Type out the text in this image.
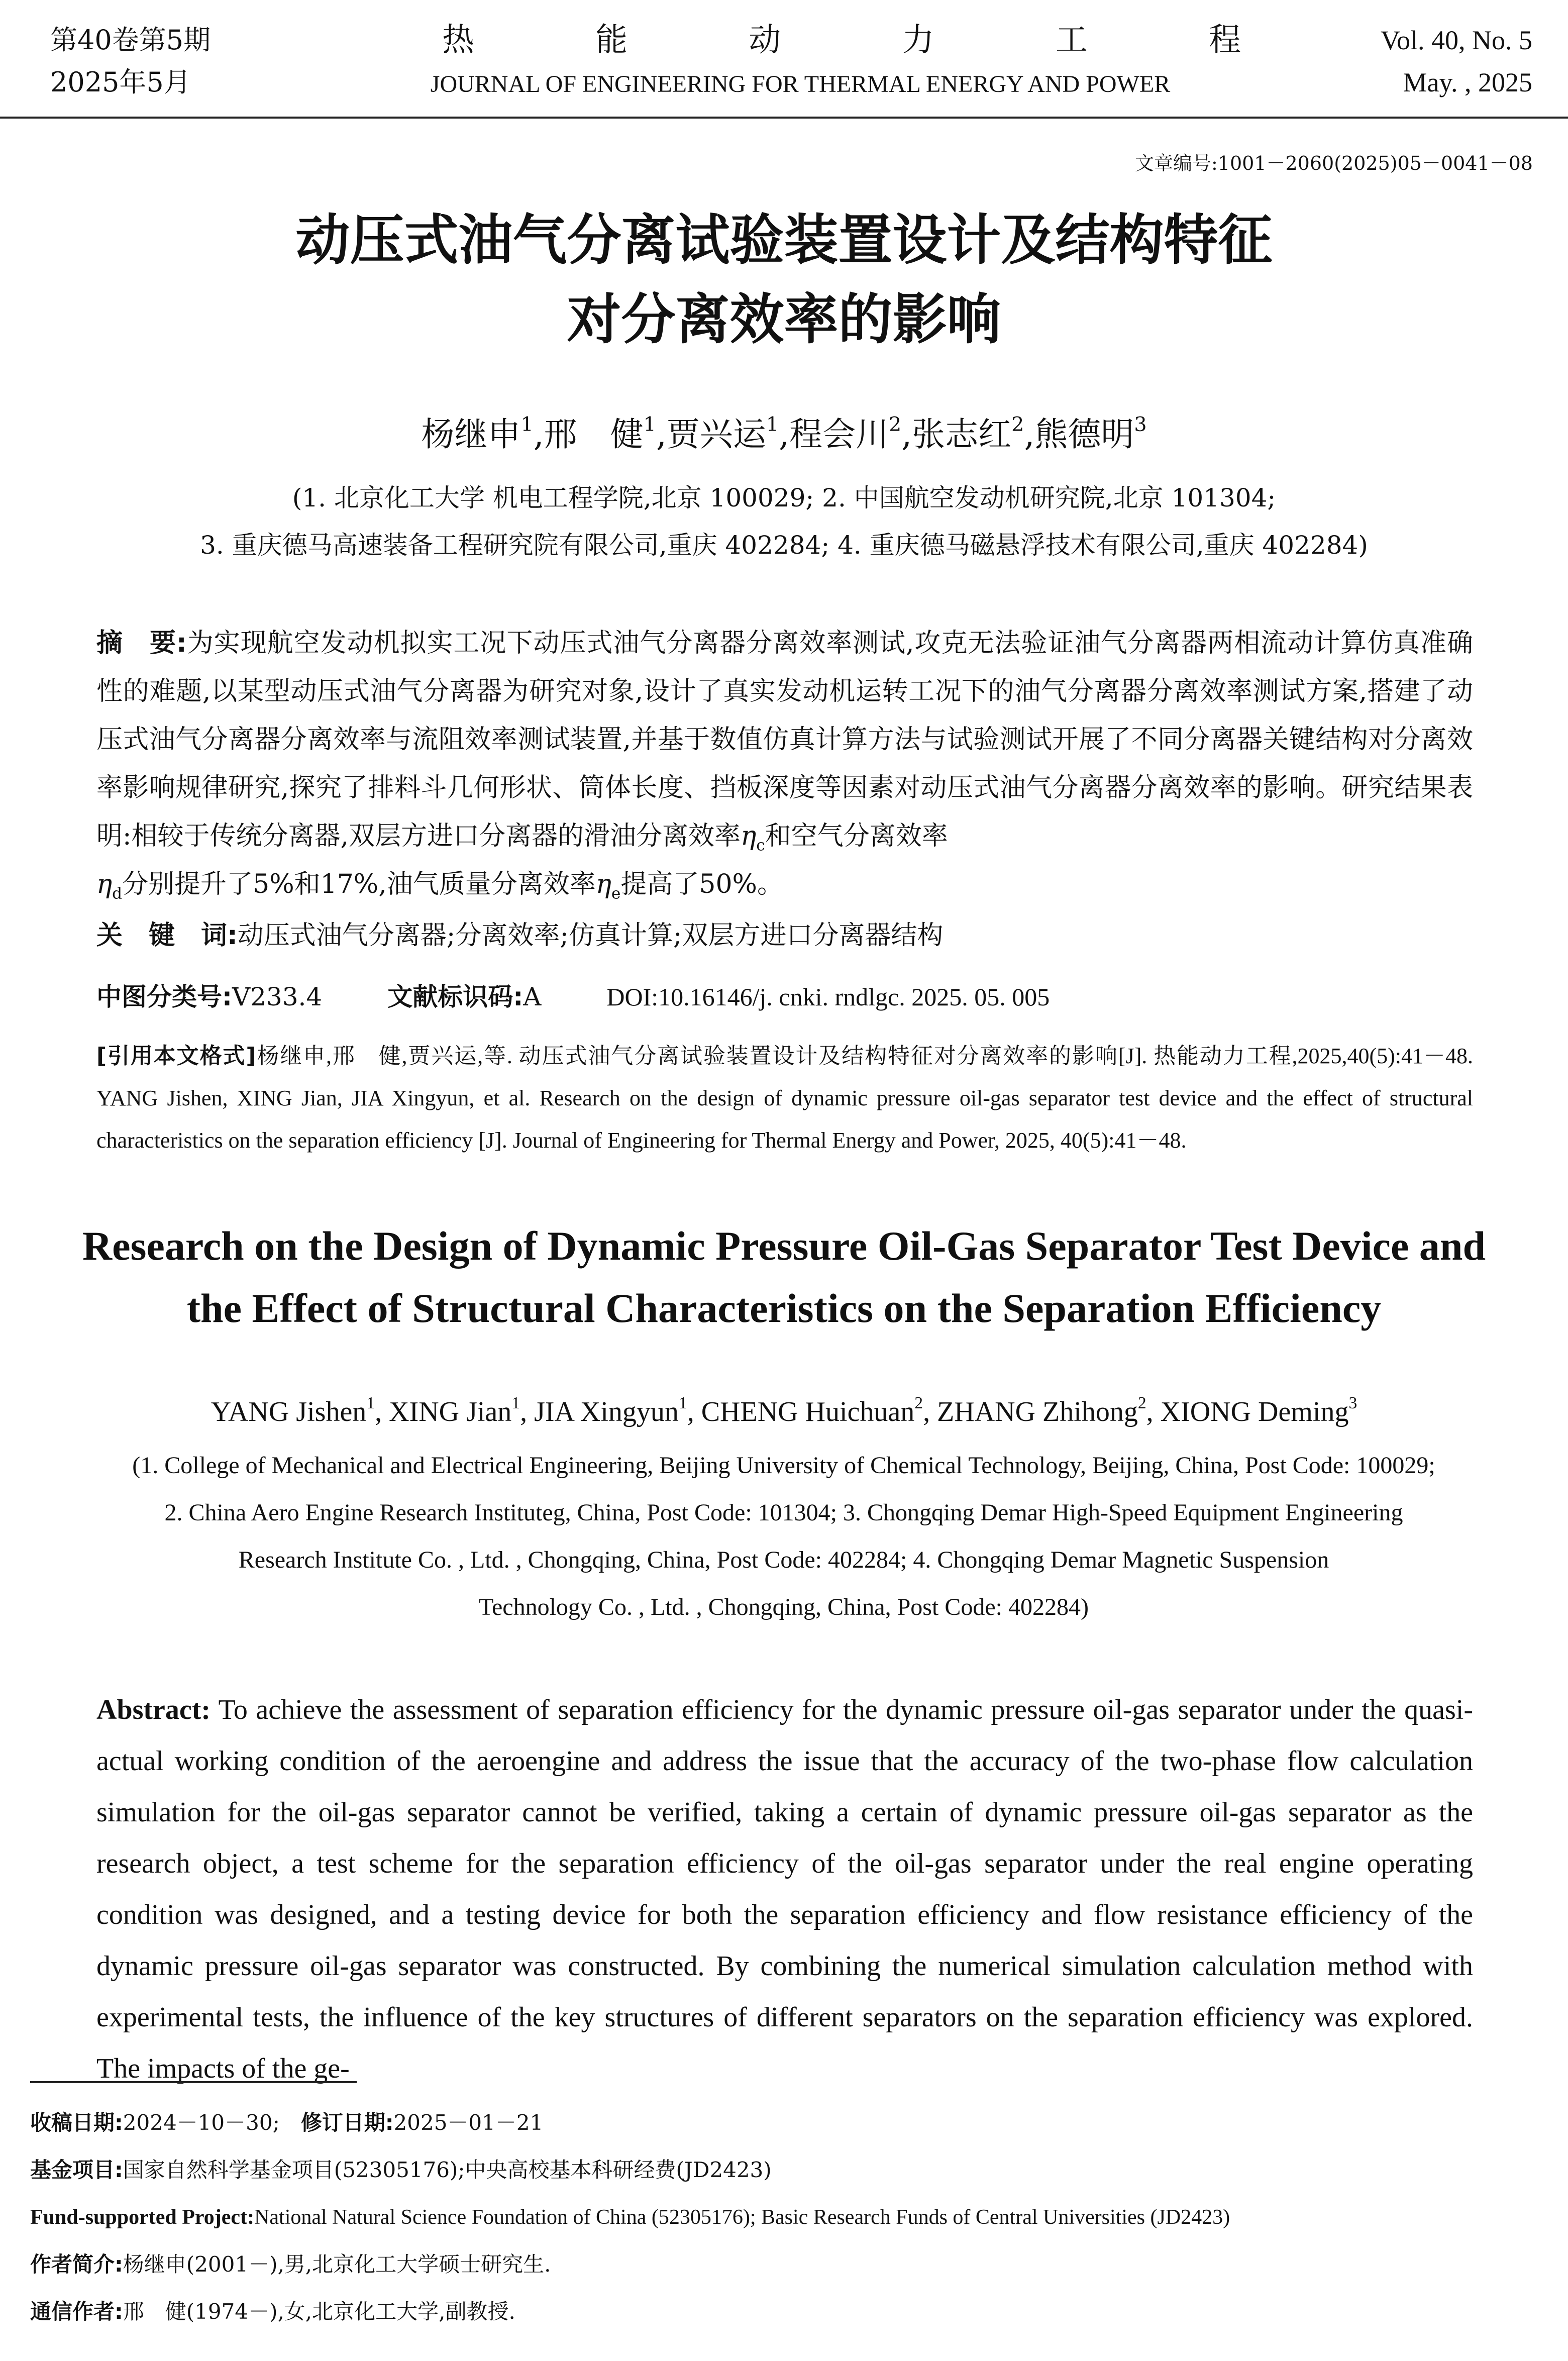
第40卷第5期
2025年5月
热	能	动	力	工	程
JOURNAL OF ENGINEERING FOR THERMAL ENERGY AND POWER
Vol. 40, No. 5
May. , 2025
文章编号:1001－2060(2025)05－0041－08
动压式油气分离试验装置设计及结构特征
对分离效率的影响
杨继申$^1$,邢　健$^1$,贾兴运$^1$,程会川$^2$,张志红$^2$,熊德明$^3$
(1. 北京化工大学 机电工程学院,北京 100029; 2. 中国航空发动机研究院,北京 101304;
3. 重庆德马高速装备工程研究院有限公司,重庆 402284; 4. 重庆德马磁悬浮技术有限公司,重庆 402284)
摘　要:为实现航空发动机拟实工况下动压式油气分离器分离效率测试,攻克无法验证油气分离器两相流动计算仿真准确性的难题,以某型动压式油气分离器为研究对象,设计了真实发动机运转工况下的油气分离器分离效率测试方案,搭建了动压式油气分离器分离效率与流阻效率测试装置,并基于数值仿真计算方法与试验测试开展了不同分离器关键结构对分离效率影响规律研究,探究了排料斗几何形状、筒体长度、挡板深度等因素对动压式油气分离器分离效率的影响。研究结果表明:相较于传统分离器,双层方进口分离器的滑油分离效率$\eta_c$和空气分离效率
$\eta_d$分别提升了5%和17%,油气质量分离效率$\eta_e$提高了50%。
关　键　词:动压式油气分离器;分离效率;仿真计算;双层方进口分离器结构
中图分类号:V233.4	文献标识码:A	DOI:10.16146/j. cnki. rndlgc. 2025. 05. 005
[引用本文格式]杨继申,邢　健,贾兴运,等. 动压式油气分离试验装置设计及结构特征对分离效率的影响[J]. 热能动力工程,2025,40(5):41－48. YANG Jishen, XING Jian, JIA Xingyun, et al. Research on the design of dynamic pressure oil-gas separator test device and the effect of structural characteristics on the separation efficiency [J]. Journal of Engineering for Thermal Energy and Power, 2025, 40(5):41－48.
Research on the Design of Dynamic Pressure Oil-Gas Separator Test Device and
the Effect of Structural Characteristics on the Separation Efficiency
YANG Jishen$^1$, XING Jian$^1$, JIA Xingyun$^1$, CHENG Huichuan$^2$, ZHANG Zhihong$^2$, XIONG Deming$^3$
(1. College of Mechanical and Electrical Engineering, Beijing University of Chemical Technology, Beijing, China, Post Code: 100029;
2. China Aero Engine Research Instituteg, China, Post Code: 101304; 3. Chongqing Demar High-Speed Equipment Engineering
Research Institute Co. , Ltd. , Chongqing, China, Post Code: 402284; 4. Chongqing Demar Magnetic Suspension
Technology Co. , Ltd. , Chongqing, China, Post Code: 402284)
Abstract: To achieve the assessment of separation efficiency for the dynamic pressure oil-gas separator under the quasi-actual working condition of the aeroengine and address the issue that the accuracy of the two-phase flow calculation simulation for the oil-gas separator cannot be verified, taking a certain of dynamic pressure oil-gas separator as the research object, a test scheme for the separation efficiency of the oil-gas separator under the real engine operating condition was designed, and a testing device for both the separation efficiency and flow resistance efficiency of the dynamic pressure oil-gas separator was constructed. By combining the numerical simulation calculation method with experimental tests, the influence of the key structures of different separators on the separation efficiency was explored. The impacts of the ge-
收稿日期:2024－10－30;　 修订日期:2025－01－21
基金项目:国家自然科学基金项目(52305176);中央高校基本科研经费(JD2423)
Fund-supported Project:National Natural Science Foundation of China (52305176); Basic Research Funds of Central Universities (JD2423)
作者简介:杨继申(2001－),男,北京化工大学硕士研究生.
通信作者:邢　健(1974－),女,北京化工大学,副教授.
